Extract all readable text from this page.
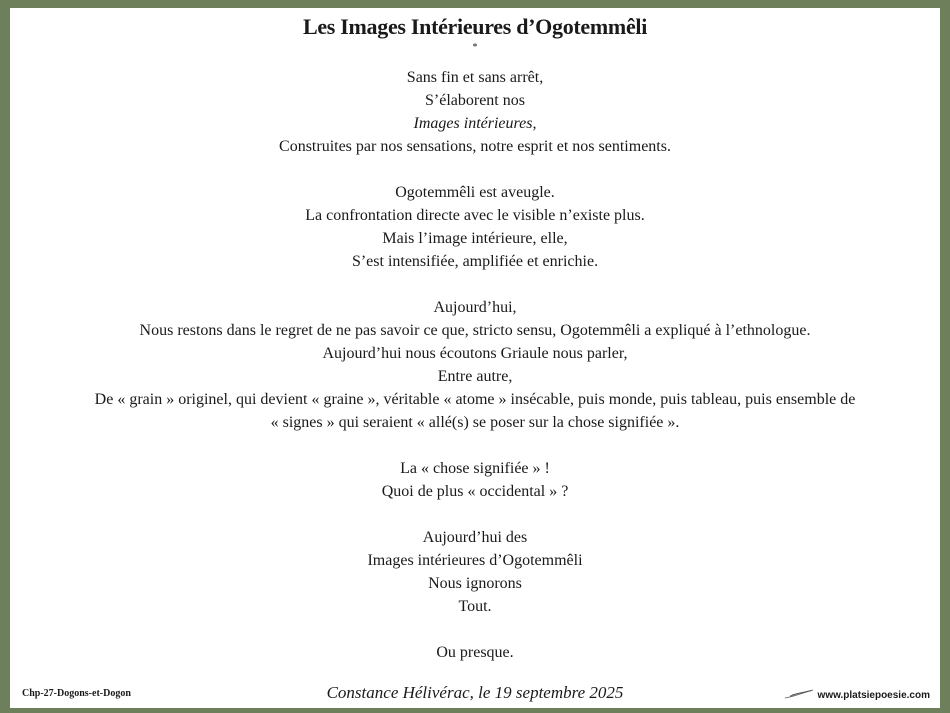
Les Images Intérieures d’Ogotemmêli
*
Sans fin et sans arrêt,
S’élaborent nos
Images intérieures,
Construites par nos sensations, notre esprit et nos sentiments.
Ogotemmêli est aveugle.
La confrontation directe avec le visible n’existe plus.
Mais l’image intérieure, elle,
S’est intensifiée, amplifiée et enrichie.
Aujourd’hui,
Nous restons dans le regret de ne pas savoir ce que, stricto sensu, Ogotemmêli a expliqué à l’ethnologue.
Aujourd’hui nous écoutons Griaule nous parler,
Entre autre,
De « grain » originel, qui devient « graine », véritable « atome » insécable, puis monde, puis tableau, puis ensemble de
« signes » qui seraient « allé(s) se poser sur la chose signifiée ».
La « chose signifiée » !
Quoi de plus « occidental » ?
Aujourd’hui des
Images intérieures d’Ogotemmêli
Nous ignorons
Tout.
Ou presque.
Chp-27-Dogons-et-Dogon	Constance Hélivérac, le 19 septembre 2025	www.platsiepoesie.com
